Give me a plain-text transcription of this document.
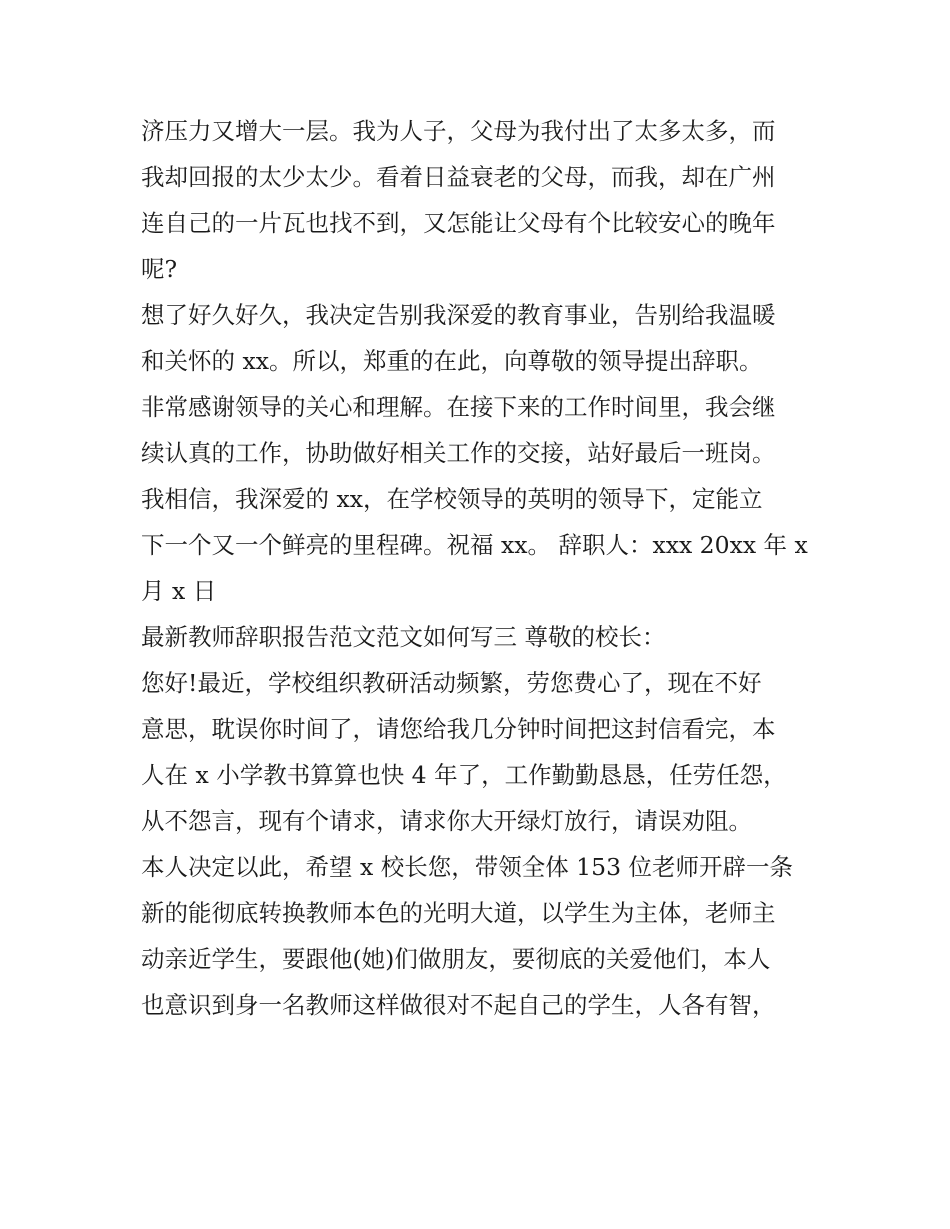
济压力又增大一层。我为人子，父母为我付出了太多太多，而

我却回报的太少太少。看着日益衰老的父母，而我，却在广州

连自己的一片瓦也找不到，又怎能让父母有个比较安心的晚年

呢?

想了好久好久，我决定告别我深爱的教育事业，告别给我温暖

和关怀的 xx。所以，郑重的在此，向尊敬的领导提出辞职。

非常感谢领导的关心和理解。在接下来的工作时间里，我会继

续认真的工作，协助做好相关工作的交接，站好最后一班岗。

我相信，我深爱的 xx，在学校领导的英明的领导下，定能立

下一个又一个鲜亮的里程碑。祝福 xx。 辞职人：xxx 20xx 年 x

月 x 日

最新教师辞职报告范文范文如何写三 尊敬的校长：

您好!最近，学校组织教研活动频繁，劳您费心了，现在不好

意思，耽误你时间了，请您给我几分钟时间把这封信看完，本

人在 x 小学教书算算也快 4 年了，工作勤勤恳恳，任劳任怨，

从不怨言，现有个请求，请求你大开绿灯放行，请误劝阻。

本人决定以此，希望 x 校长您，带领全体 153 位老师开辟一条

新的能彻底转换教师本色的光明大道，以学生为主体，老师主

动亲近学生，要跟他(她)们做朋友，要彻底的关爱他们，本人

也意识到身一名教师这样做很对不起自己的学生，人各有智，
